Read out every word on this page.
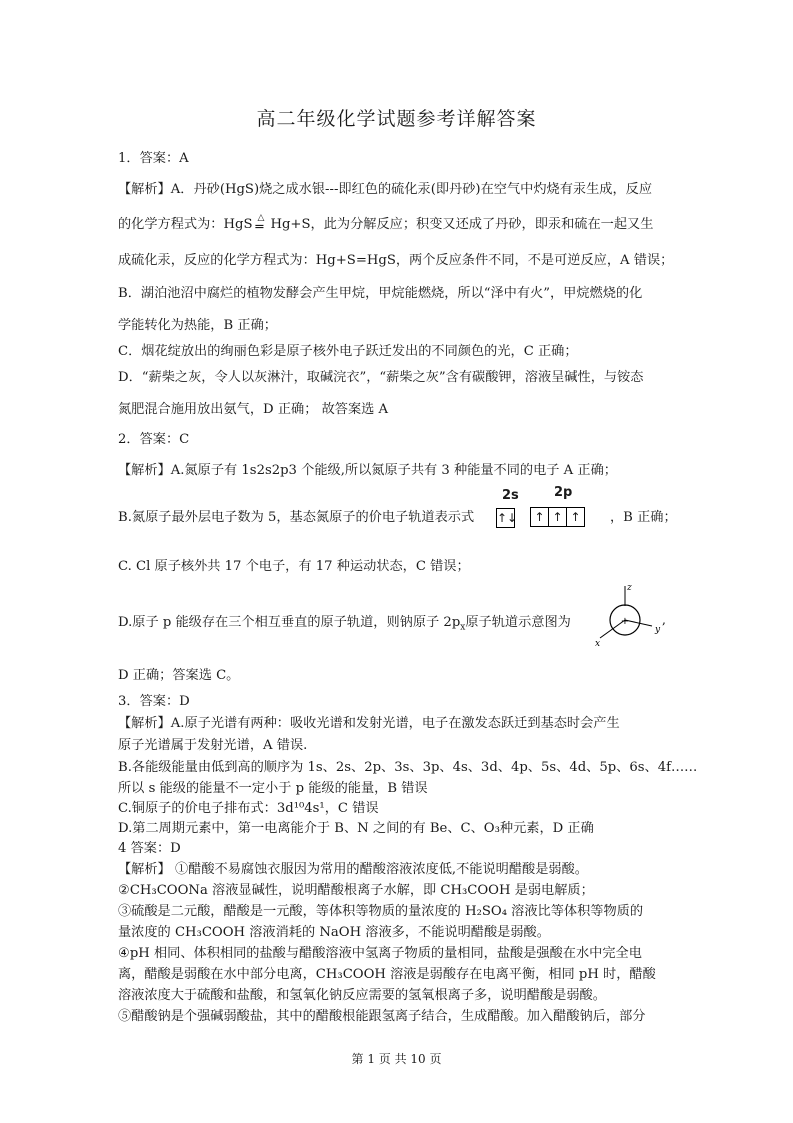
高二年级化学试题参考详解答案
1．答案：A
【解析】A．丹砂(HgS)烧之成水银---即红色的硫化汞(即丹砂)在空气中灼烧有汞生成，反应
的化学方程式为：HgS △
═ Hg+S，此为分解反应；积变又还成了丹砂，即汞和硫在一起又生
成硫化汞，反应的化学方程式为：Hg+S=HgS，两个反应条件不同，不是可逆反应，A 错误；
B．湖泊池沼中腐烂的植物发酵会产生甲烷，甲烷能燃烧，所以“泽中有火”，甲烷燃烧的化
学能转化为热能，B 正确；
C．烟花绽放出的绚丽色彩是原子核外电子跃迁发出的不同颜色的光，C 正确；
D．“薪柴之灰，令人以灰淋汁，取碱浣衣”，“薪柴之灰”含有碳酸钾，溶液呈碱性，与铵态
氮肥混合施用放出氨气，D 正确； 故答案选 A
2．答案：C
【解析】A.氮原子有 1s2s2p3 个能级,所以氮原子共有 3 种能量不同的电子 A 正确；
B.氮原子最外层电子数为 5，基态氮原子的价电子轨道表示式
2s	2p
↑↓	↑ ↑ ↑	，B 正确；
C. Cl 原子核外共 17 个电子，有 17 种运动状态，C 错误；
D.原子 p 能级存在三个相互垂直的原子轨道，则钠原子 $2p_x$原子轨道示意图为	+
z
y
x
,
D 正确；答案选 C。
3．答案：D
【解析】A.原子光谱有两种：吸收光谱和发射光谱，电子在激发态跃迁到基态时会产生
原子光谱属于发射光谱，A 错误.
B.各能级能量由低到高的顺序为 1s、2s、2p、3s、3p、4s、3d、4p、5s、4d、5p、6s、4f……
所以 s 能级的能量不一定小于 p 能级的能量，B 错误
C.铜原子的价电子排布式：3d¹⁰4s¹，C 错误
D.第二周期元素中，第一电离能介于 B、N 之间的有 Be、C、O₃种元素，D 正确
4 答案：D
【解析】 ①醋酸不易腐蚀衣服因为常用的醋酸溶液浓度低,不能说明醋酸是弱酸。
②CH₃COONa 溶液显碱性，说明醋酸根离子水解，即 CH₃COOH 是弱电解质；
③硫酸是二元酸，醋酸是一元酸，等体积等物质的量浓度的 H₂SO₄ 溶液比等体积等物质的
量浓度的 CH₃COOH 溶液消耗的 NaOH 溶液多，不能说明醋酸是弱酸。
④pH 相同、体积相同的盐酸与醋酸溶液中氢离子物质的量相同，盐酸是强酸在水中完全电
离，醋酸是弱酸在水中部分电离，CH₃COOH 溶液是弱酸存在电离平衡，相同 pH 时，醋酸
溶液浓度大于硫酸和盐酸，和氢氧化钠反应需要的氢氧根离子多，说明醋酸是弱酸。
⑤醋酸钠是个强碱弱酸盐，其中的醋酸根能跟氢离子结合，生成醋酸。加入醋酸钠后，部分
第 1 页 共 10 页
